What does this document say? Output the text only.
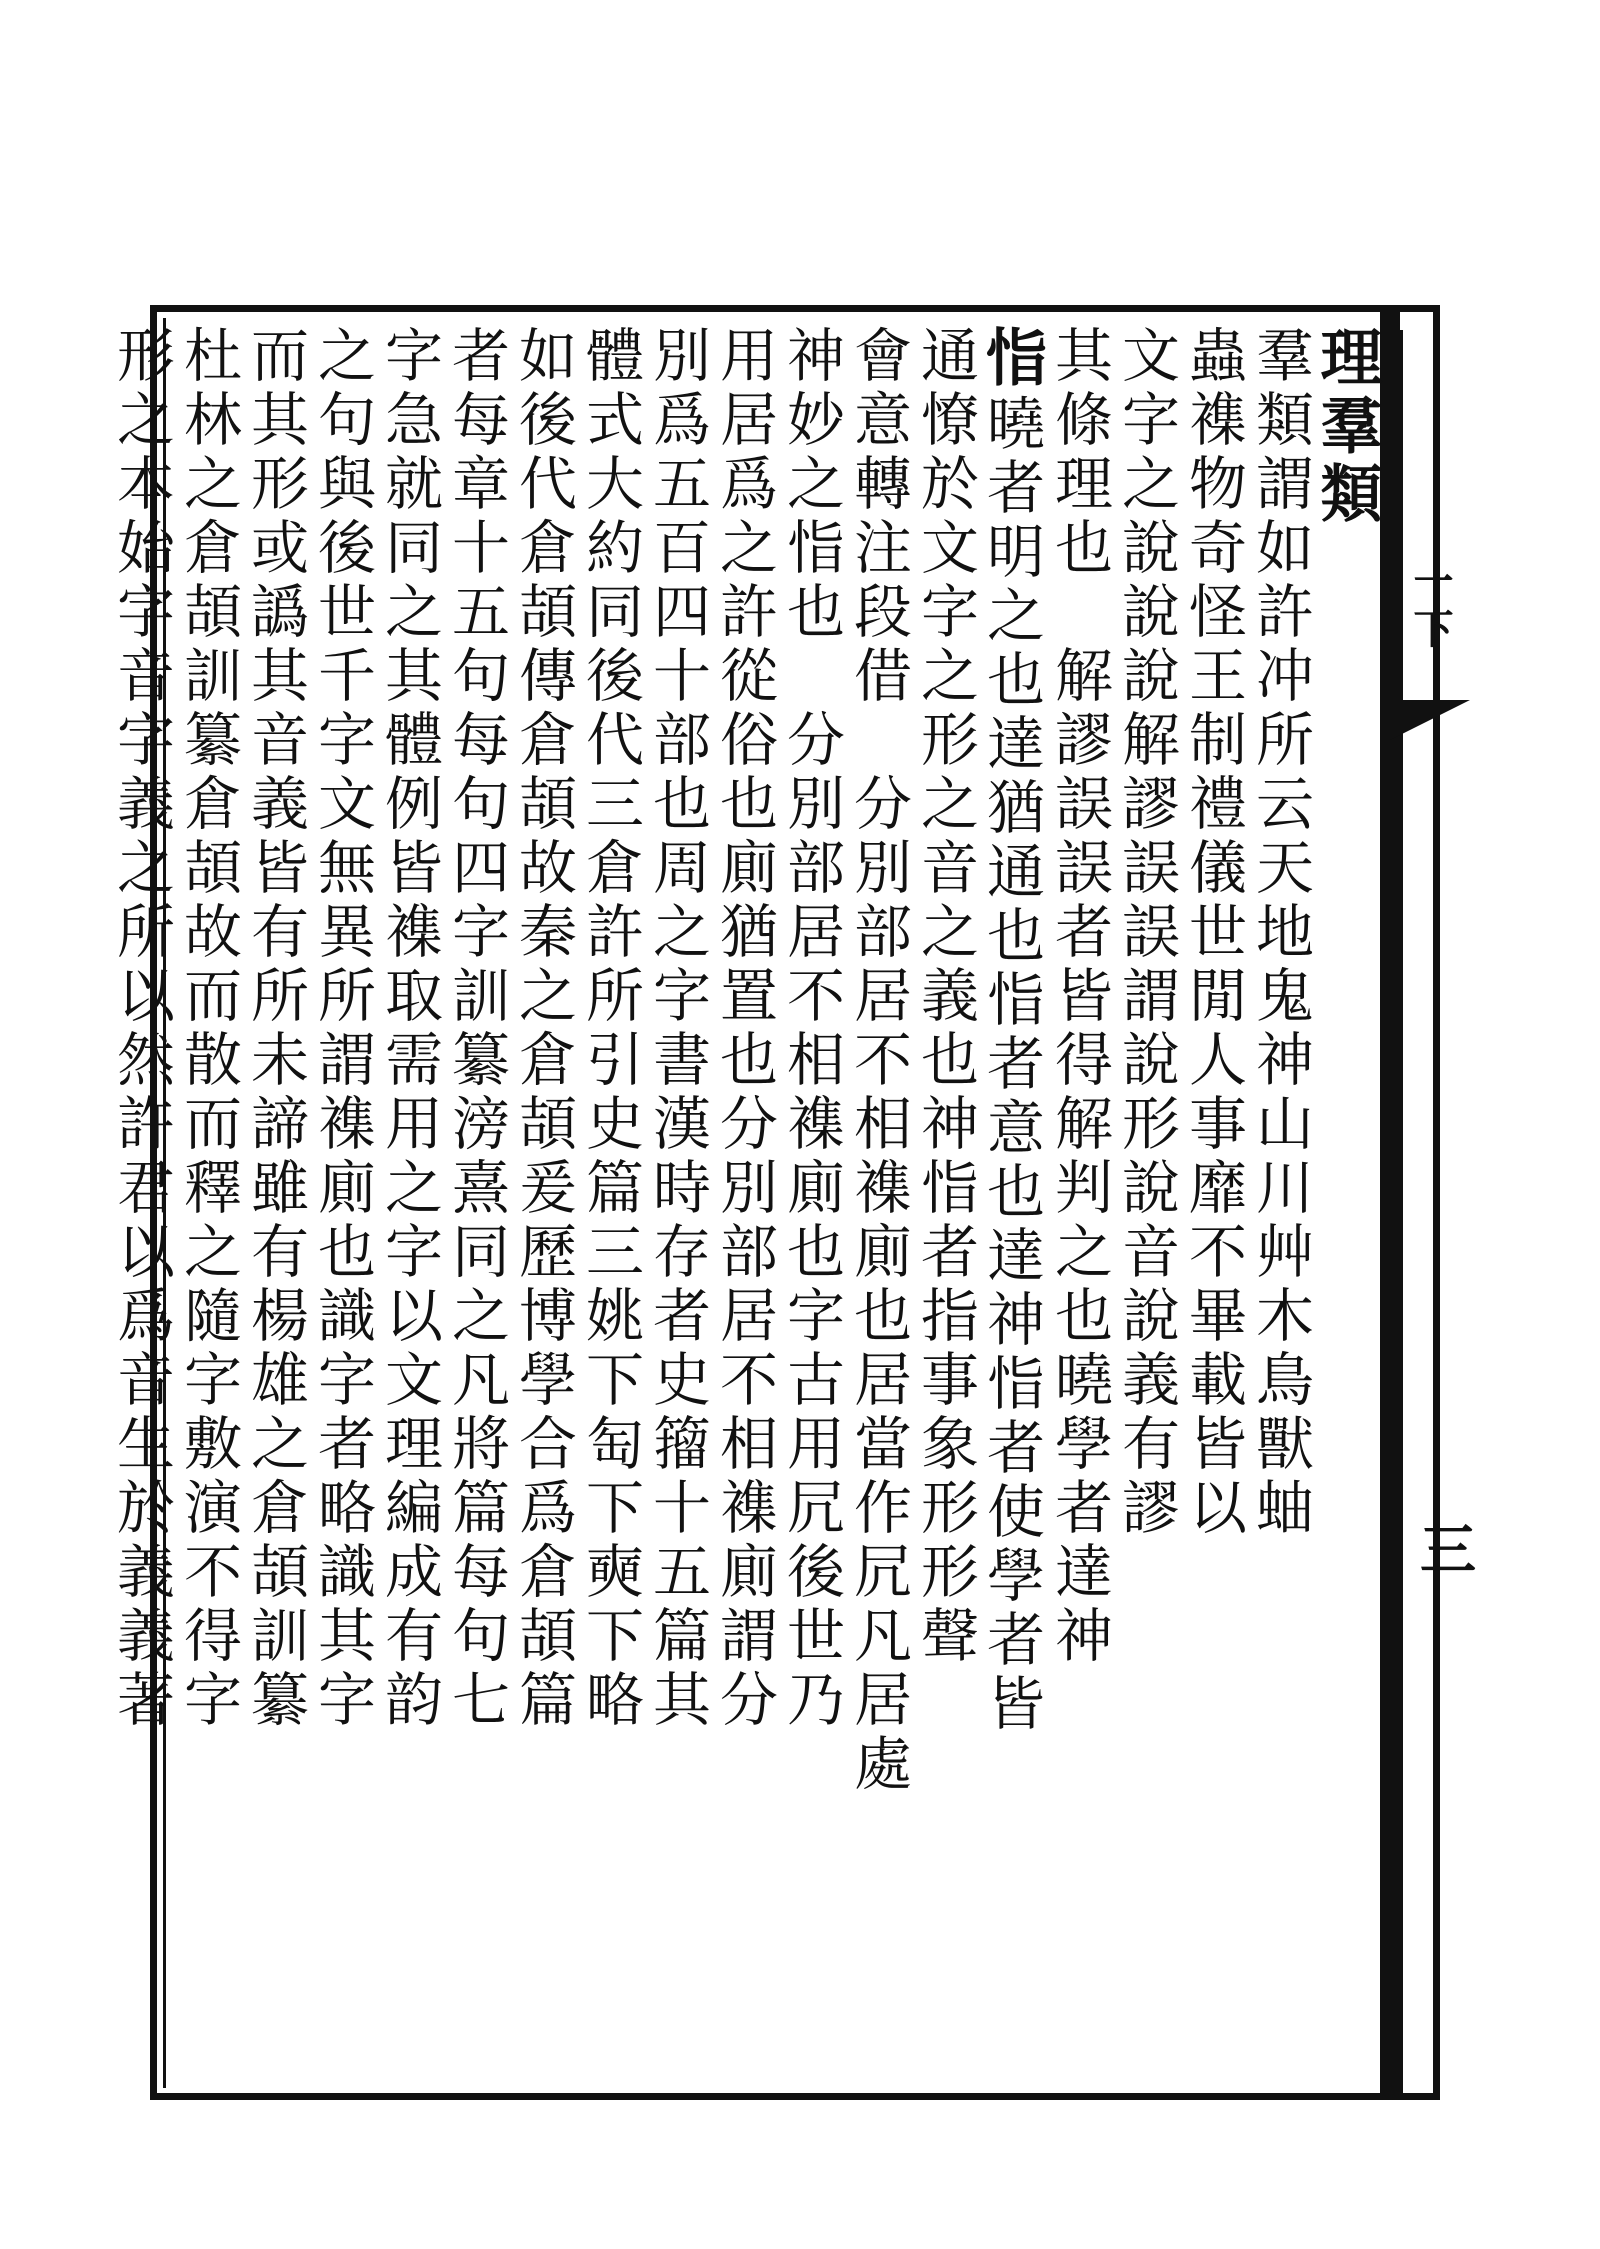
理羣類
羣類謂如許冲所云天地鬼神山川艸木鳥獸蚰
蟲襍物奇怪王制禮儀世閒人事靡不畢載皆以
文字之說說說解謬誤誤謂說形說音說義有謬
其條理也　解謬誤誤者皆得解判之也曉學者達神
恉曉者明之也達猶通也恉者意也達神恉者使學者皆
通憭於文字之形之音之義也神恉者指事象形形聲
會意轉注段借　分別部居不相襍廁也居當作凥凡居處
神妙之恉也　分別部居不相襍廁也字古用凥後世乃
用居爲之許從俗也廁猶置也分別部居不相襍廁謂分
別爲五百四十部也周之字書漢時存者史籀十五篇其
體式大約同後代三倉許所引史篇三姚下匋下奭下略
如後代倉頡傳倉頡故秦之倉頡爰歷博學合爲倉頡篇
者每章十五句每句四字訓纂滂熹同之凡將篇每句七
字急就同之其體例皆襍取需用之字以文理編成有韵
之句與後世千字文無異所謂襍廁也識字者略識其字
而其形或譌其音義皆有所未諦雖有楊雄之倉頡訓纂
杜林之倉頡訓纂倉頡故而散而釋之隨字敷演不得字
形之本始字音字義之所以然許君以爲音生於義義著	一下
三
